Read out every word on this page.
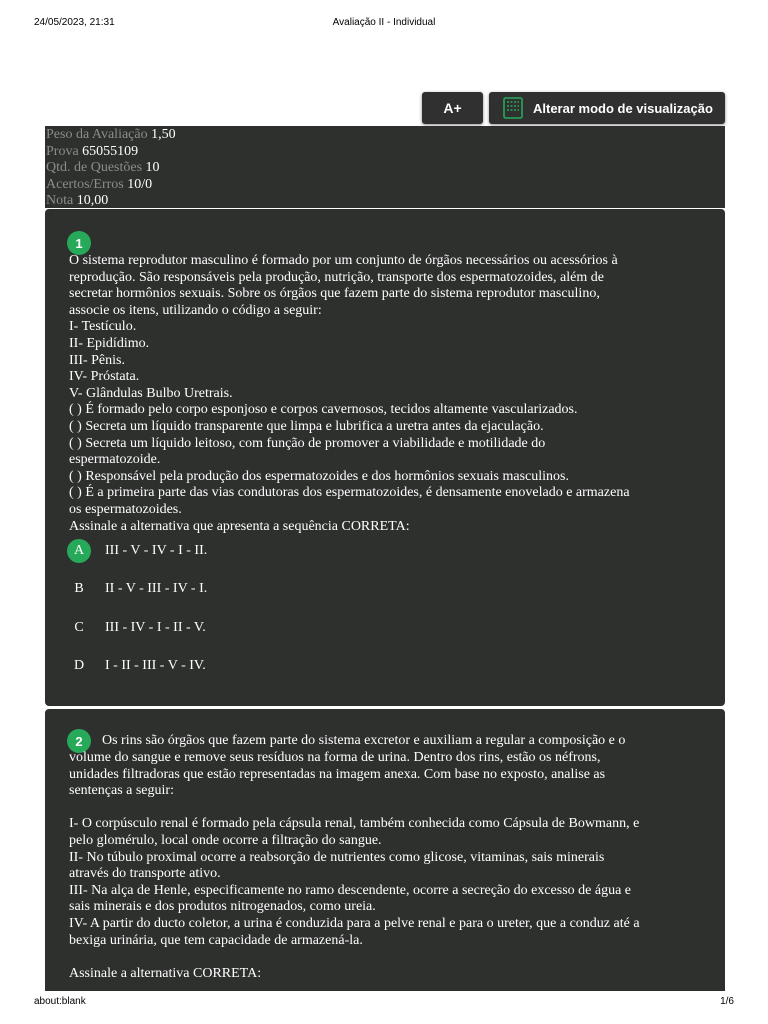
24/05/2023, 21:31	Avaliação II - Individual
A+	Alterar modo de visualização
Peso da Avaliação 1,50
Prova 65055109
Qtd. de Questões 10
Acertos/Erros 10/0
Nota 10,00
1
O sistema reprodutor masculino é formado por um conjunto de órgãos necessários ou acessórios à
reprodução. São responsáveis pela produção, nutrição, transporte dos espermatozoides, além de
secretar hormônios sexuais. Sobre os órgãos que fazem parte do sistema reprodutor masculino,
associe os itens, utilizando o código a seguir:
I- Testículo.
II- Epidídimo.
III- Pênis.
IV- Próstata.
V- Glândulas Bulbo Uretrais.
( ) É formado pelo corpo esponjoso e corpos cavernosos, tecidos altamente vascularizados.
( ) Secreta um líquido transparente que limpa e lubrifica a uretra antes da ejaculação.
( ) Secreta um líquido leitoso, com função de promover a viabilidade e motilidade do
espermatozoide.
( ) Responsável pela produção dos espermatozoides e dos hormônios sexuais masculinos.
( ) É a primeira parte das vias condutoras dos espermatozoides, é densamente enovelado e armazena
os espermatozoides.
Assinale a alternativa que apresenta a sequência CORRETA:
A	III - V - IV - I - II.
B	II - V - III - IV - I.
C	III - IV - I - II - V.
D	I - II - III - V - IV.
2	Os rins são órgãos que fazem parte do sistema excretor e auxiliam a regular a composição e o
volume do sangue e remove seus resíduos na forma de urina. Dentro dos rins, estão os néfrons,
unidades filtradoras que estão representadas na imagem anexa. Com base no exposto, analise as
sentenças a seguir:

I- O corpúsculo renal é formado pela cápsula renal, também conhecida como Cápsula de Bowmann, e
pelo glomérulo, local onde ocorre a filtração do sangue.
II- No túbulo proximal ocorre a reabsorção de nutrientes como glicose, vitaminas, sais minerais
através do transporte ativo.
III- Na alça de Henle, especificamente no ramo descendente, ocorre a secreção do excesso de água e
sais minerais e dos produtos nitrogenados, como ureia.
IV- A partir do ducto coletor, a urina é conduzida para a pelve renal e para o ureter, que a conduz até a
bexiga urinária, que tem capacidade de armazená-la.

Assinale a alternativa CORRETA:
about:blank	1/6
